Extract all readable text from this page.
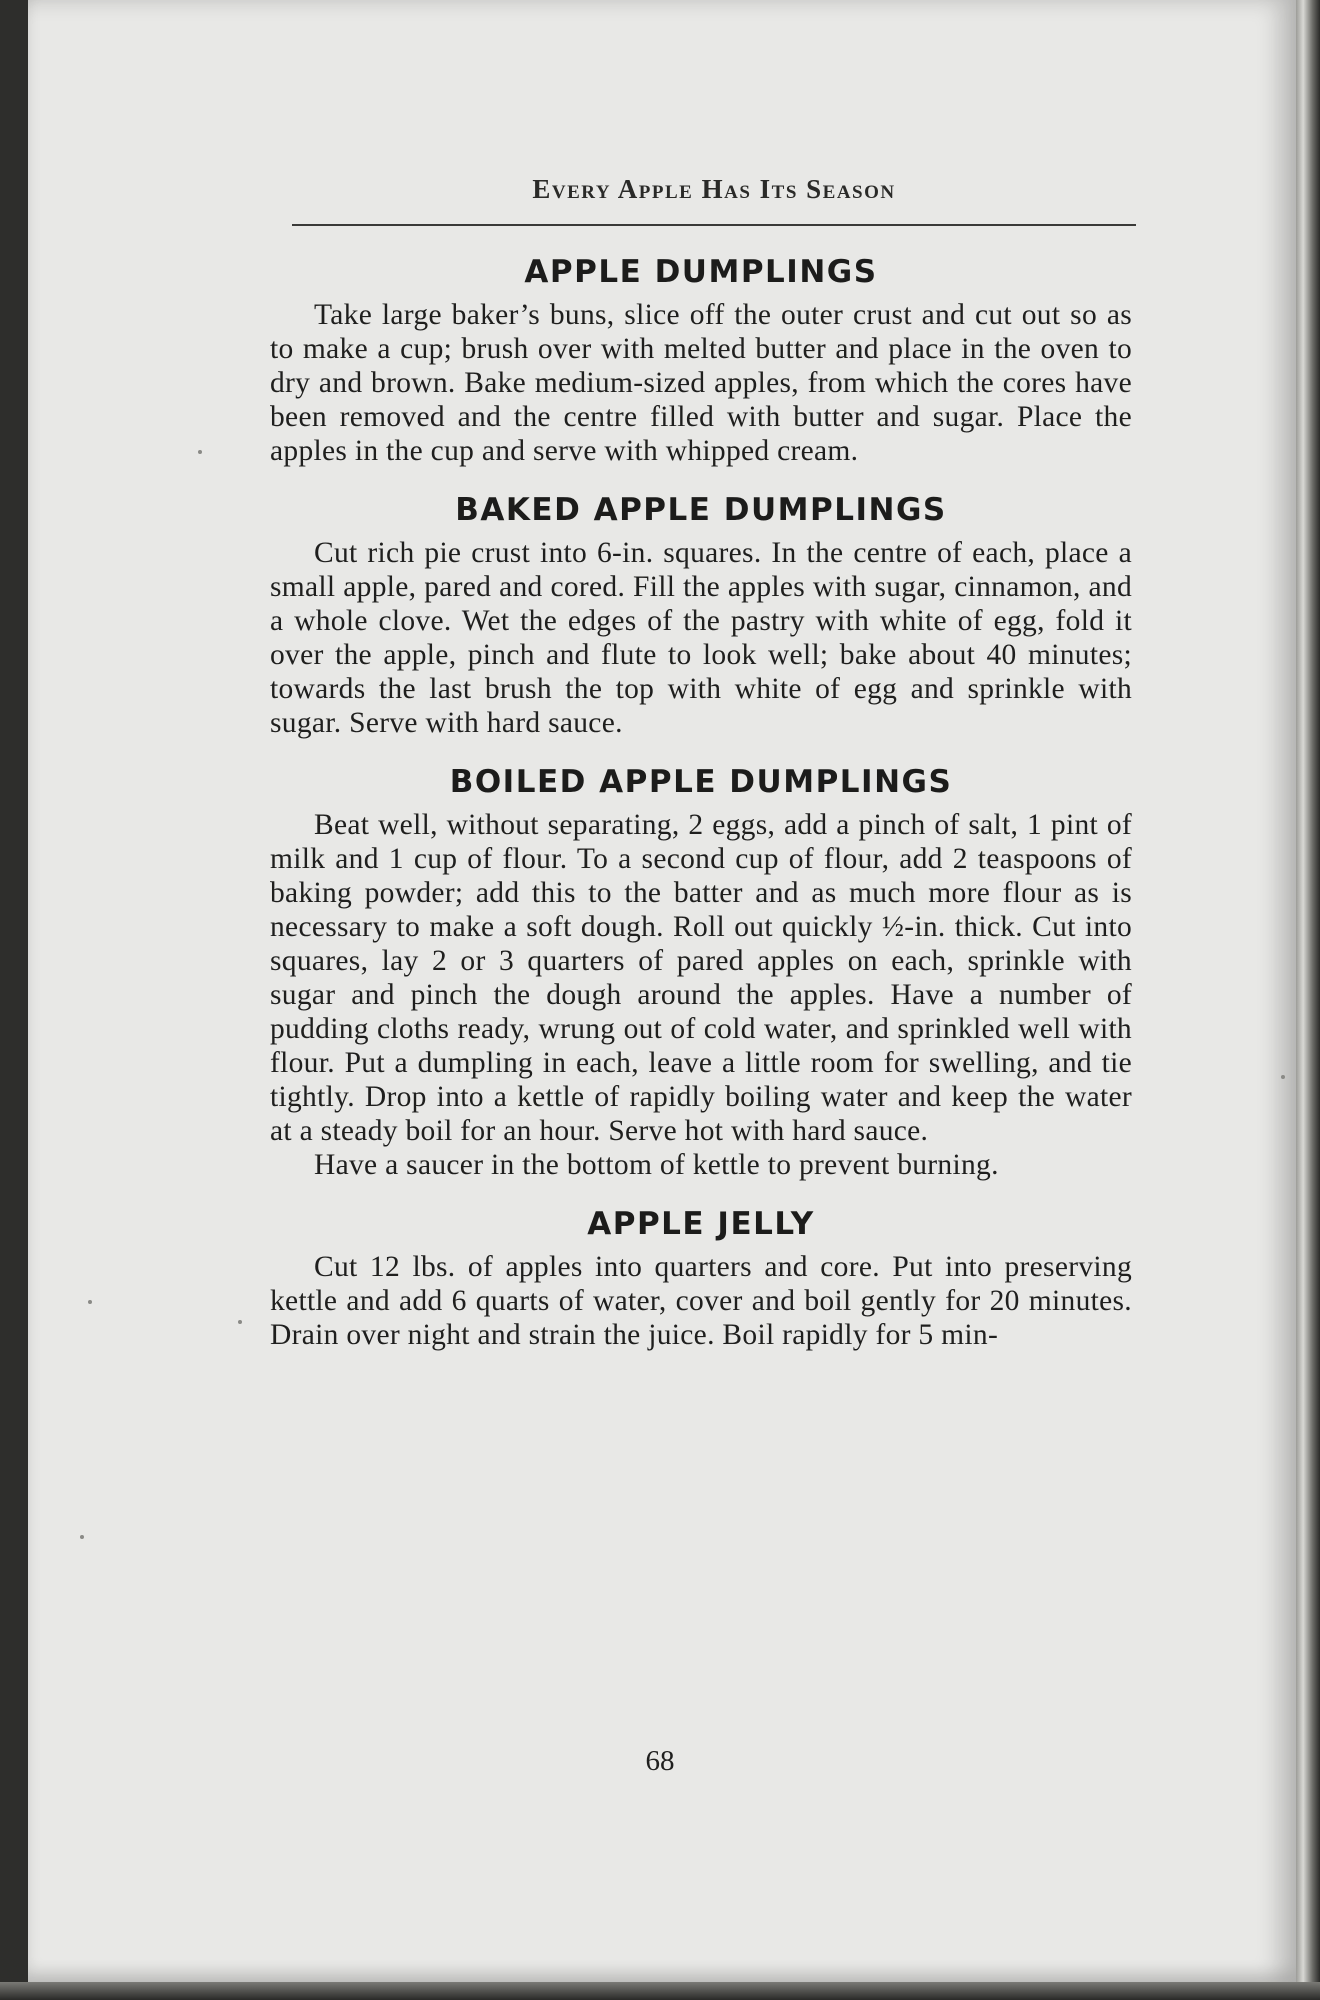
Every Apple Has Its Season
APPLE DUMPLINGS

Take large baker’s buns, slice off the outer crust and cut out so as to make a cup; brush over with melted butter and place in the oven to dry and brown. Bake medium-sized apples, from which the cores have been removed and the centre filled with butter and sugar. Place the apples in the cup and serve with whipped cream.

BAKED APPLE DUMPLINGS

Cut rich pie crust into 6-in. squares. In the centre of each, place a small apple, pared and cored. Fill the apples with sugar, cinnamon, and a whole clove. Wet the edges of the pastry with white of egg, fold it over the apple, pinch and flute to look well; bake about 40 minutes; towards the last brush the top with white of egg and sprinkle with sugar. Serve with hard sauce.

BOILED APPLE DUMPLINGS

Beat well, without separating, 2 eggs, add a pinch of salt, 1 pint of milk and 1 cup of flour. To a second cup of flour, add 2 teaspoons of baking powder; add this to the batter and as much more flour as is necessary to make a soft dough. Roll out quickly ½-in. thick. Cut into squares, lay 2 or 3 quarters of pared apples on each, sprinkle with sugar and pinch the dough around the apples. Have a number of pudding cloths ready, wrung out of cold water, and sprinkled well with flour. Put a dumpling in each, leave a little room for swelling, and tie tightly. Drop into a kettle of rapidly boiling water and keep the water at a steady boil for an hour. Serve hot with hard sauce.

Have a saucer in the bottom of kettle to prevent burning.

APPLE JELLY

Cut 12 lbs. of apples into quarters and core. Put into preserving kettle and add 6 quarts of water, cover and boil gently for 20 minutes. Drain over night and strain the juice. Boil rapidly for 5 min-

68
